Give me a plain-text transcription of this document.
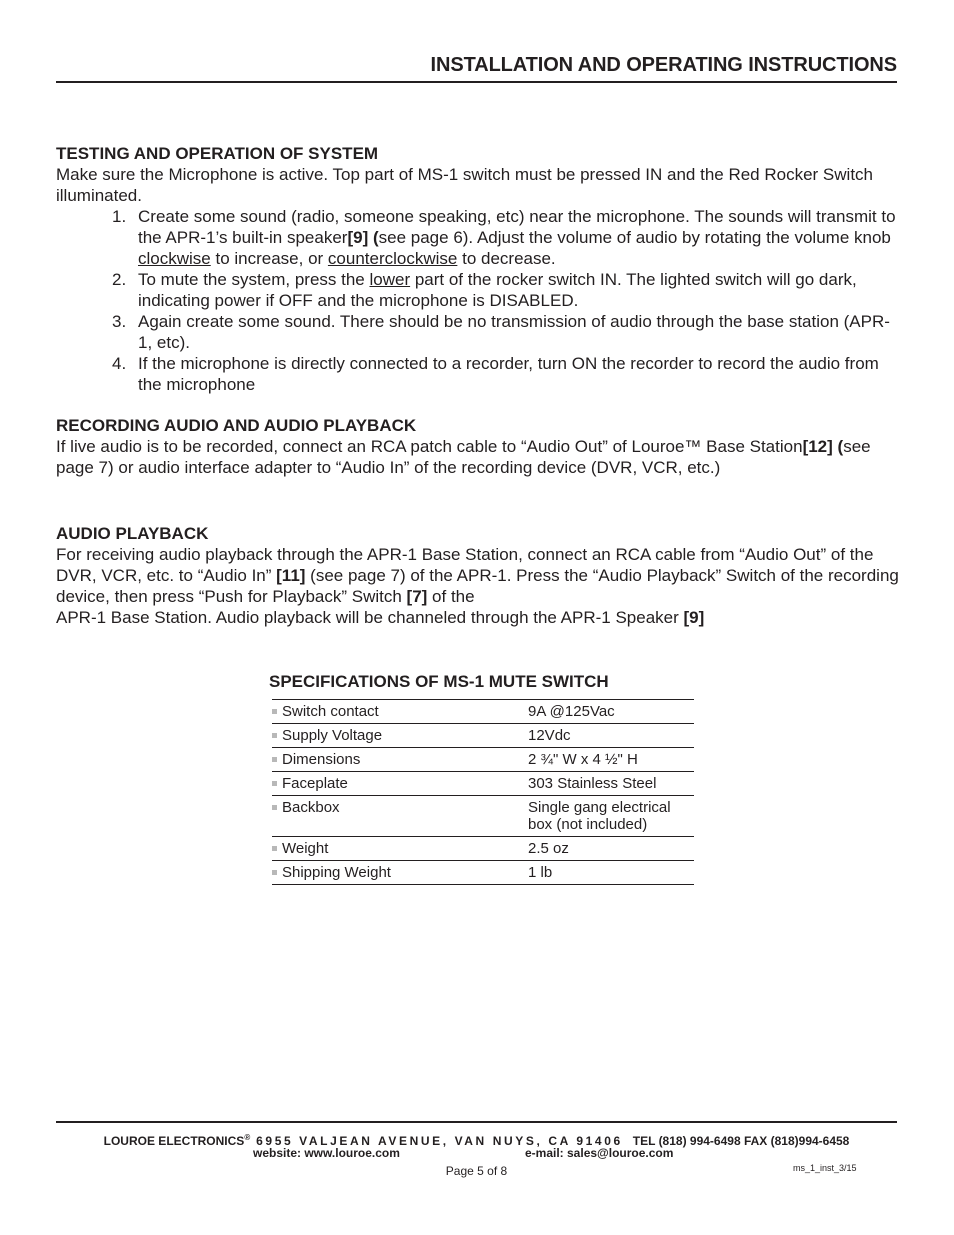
INSTALLATION AND OPERATING INSTRUCTIONS
TESTING AND OPERATION OF SYSTEM

Make sure the Microphone is active. Top part of MS-1 switch must be pressed IN and the Red Rocker Switch illuminated.

1. Create some sound (radio, someone speaking, etc) near the microphone. The sounds will transmit to the APR-1’s built-in speaker[9] (see page 6). Adjust the volume of audio by rotating the volume knob clockwise to increase, or counterclockwise to decrease.
2. To mute the system, press the lower part of the rocker switch IN. The lighted switch will go dark, indicating power if OFF and the microphone is DISABLED.
3. Again create some sound. There should be no transmission of audio through the base station (APR-1, etc).
4. If the microphone is directly connected to a recorder, turn ON the recorder to record the audio from the microphone
RECORDING AUDIO AND AUDIO PLAYBACK

If live audio is to be recorded, connect an RCA patch cable to “Audio Out” of Louroe™ Base Station[12] (see page 7) or audio interface adapter to “Audio In” of the recording device (DVR, VCR, etc.)

AUDIO PLAYBACK

For receiving audio playback through the APR-1 Base Station, connect an RCA cable from “Audio Out” of the DVR, VCR, etc. to “Audio In” [11] (see page 7) of the APR-1. Press the “Audio Playback” Switch of the recording device, then press “Push for Playback” Switch [7] of the
APR-1 Base Station. Audio playback will be channeled through the APR-1 Speaker [9]

SPECIFICATIONS OF MS-1 MUTE SWITCH
Switch contact	9A @125Vac
Supply Voltage	12Vdc
Dimensions	2 ¾" W x 4 ½" H
Faceplate	303 Stainless Steel
Backbox	Single gang electrical
box (not included)
Weight	2.5 oz
Shipping Weight	1 lb
LOUROE ELECTRONICS® 6955 VALJEAN AVENUE, VAN NUYS, CA 91406 TEL (818) 994-6498 FAX (818)994-6458
website: www.louroe.com	e-mail: sales@louroe.com
Page 5 of 8	ms_1_inst_3/15
